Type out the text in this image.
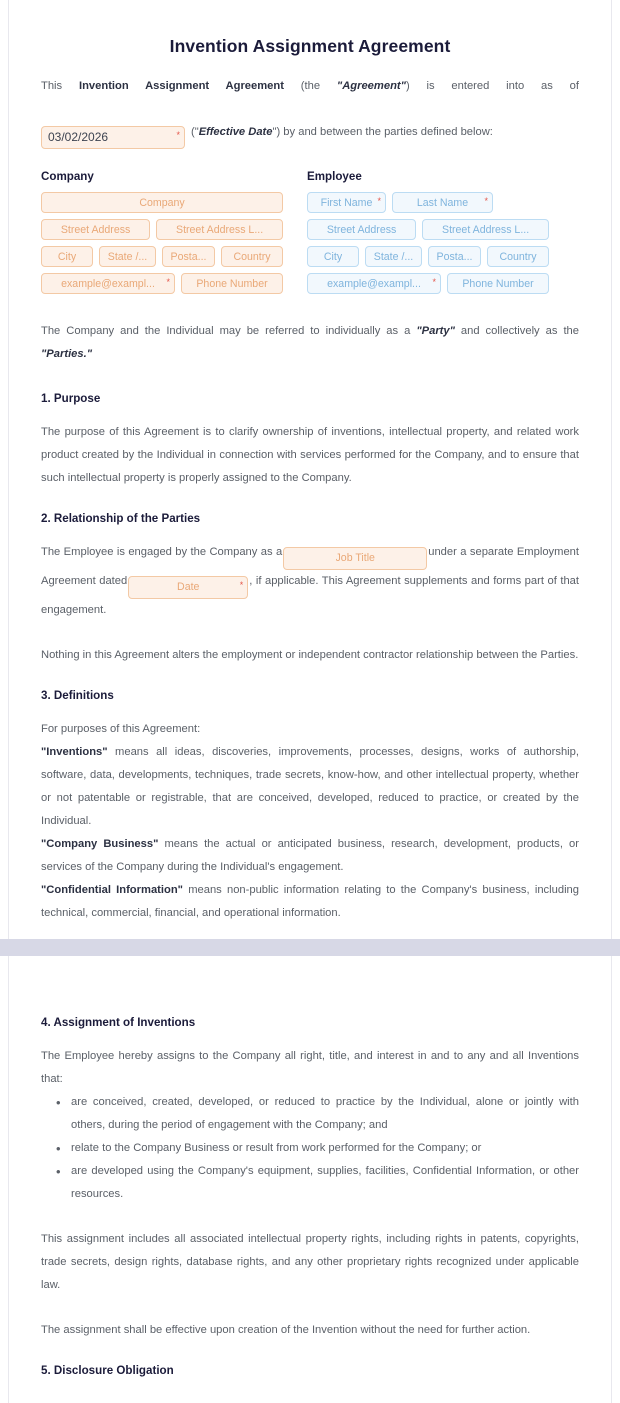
Invention Assignment Agreement

This Invention Assignment Agreement (the "Agreement") is entered into as of

03/02/2026	* ("Effective Date") by and between the parties defined below:

Company
Company
Street Address	Street Address L...
City	State /... Posta...	Country
example@exampl... * Phone Number
Employee
First Name *	Last Name *
Street Address	Street Address L...
City	State /... Posta...	Country
example@exampl... * Phone Number

The Company and the Individual may be referred to individually as a "Party" and collectively as the "Parties."

1. Purpose

The purpose of this Agreement is to clarify ownership of inventions, intellectual property, and related work product created by the Individual in connection with services performed for the Company, and to ensure that such intellectual property is properly assigned to the Company.

2. Relationship of the Parties

The Employee is engaged by the Company as a	Job Title	under a separate Employment Agreement dated	Date	* , if applicable. This Agreement supplements and forms part of that engagement.

Nothing in this Agreement alters the employment or independent contractor relationship between the Parties.

3. Definitions

For purposes of this Agreement:

"Inventions" means all ideas, discoveries, improvements, processes, designs, works of authorship, software, data, developments, techniques, trade secrets, know-how, and other intellectual property, whether or not patentable or registrable, that are conceived, developed, reduced to practice, or created by the Individual.

"Company Business" means the actual or anticipated business, research, development, products, or services of the Company during the Individual's engagement.

"Confidential Information" means non-public information relating to the Company's business, including technical, commercial, financial, and operational information.

4. Assignment of Inventions

The Employee hereby assigns to the Company all right, title, and interest in and to any and all Inventions that:

• are conceived, created, developed, or reduced to practice by the Individual, alone or jointly with others, during the period of engagement with the Company; and
• relate to the Company Business or result from work performed for the Company; or
• are developed using the Company's equipment, supplies, facilities, Confidential Information, or other resources.

This assignment includes all associated intellectual property rights, including rights in patents, copyrights, trade secrets, design rights, database rights, and any other proprietary rights recognized under applicable law.

The assignment shall be effective upon creation of the Invention without the need for further action.

5. Disclosure Obligation
